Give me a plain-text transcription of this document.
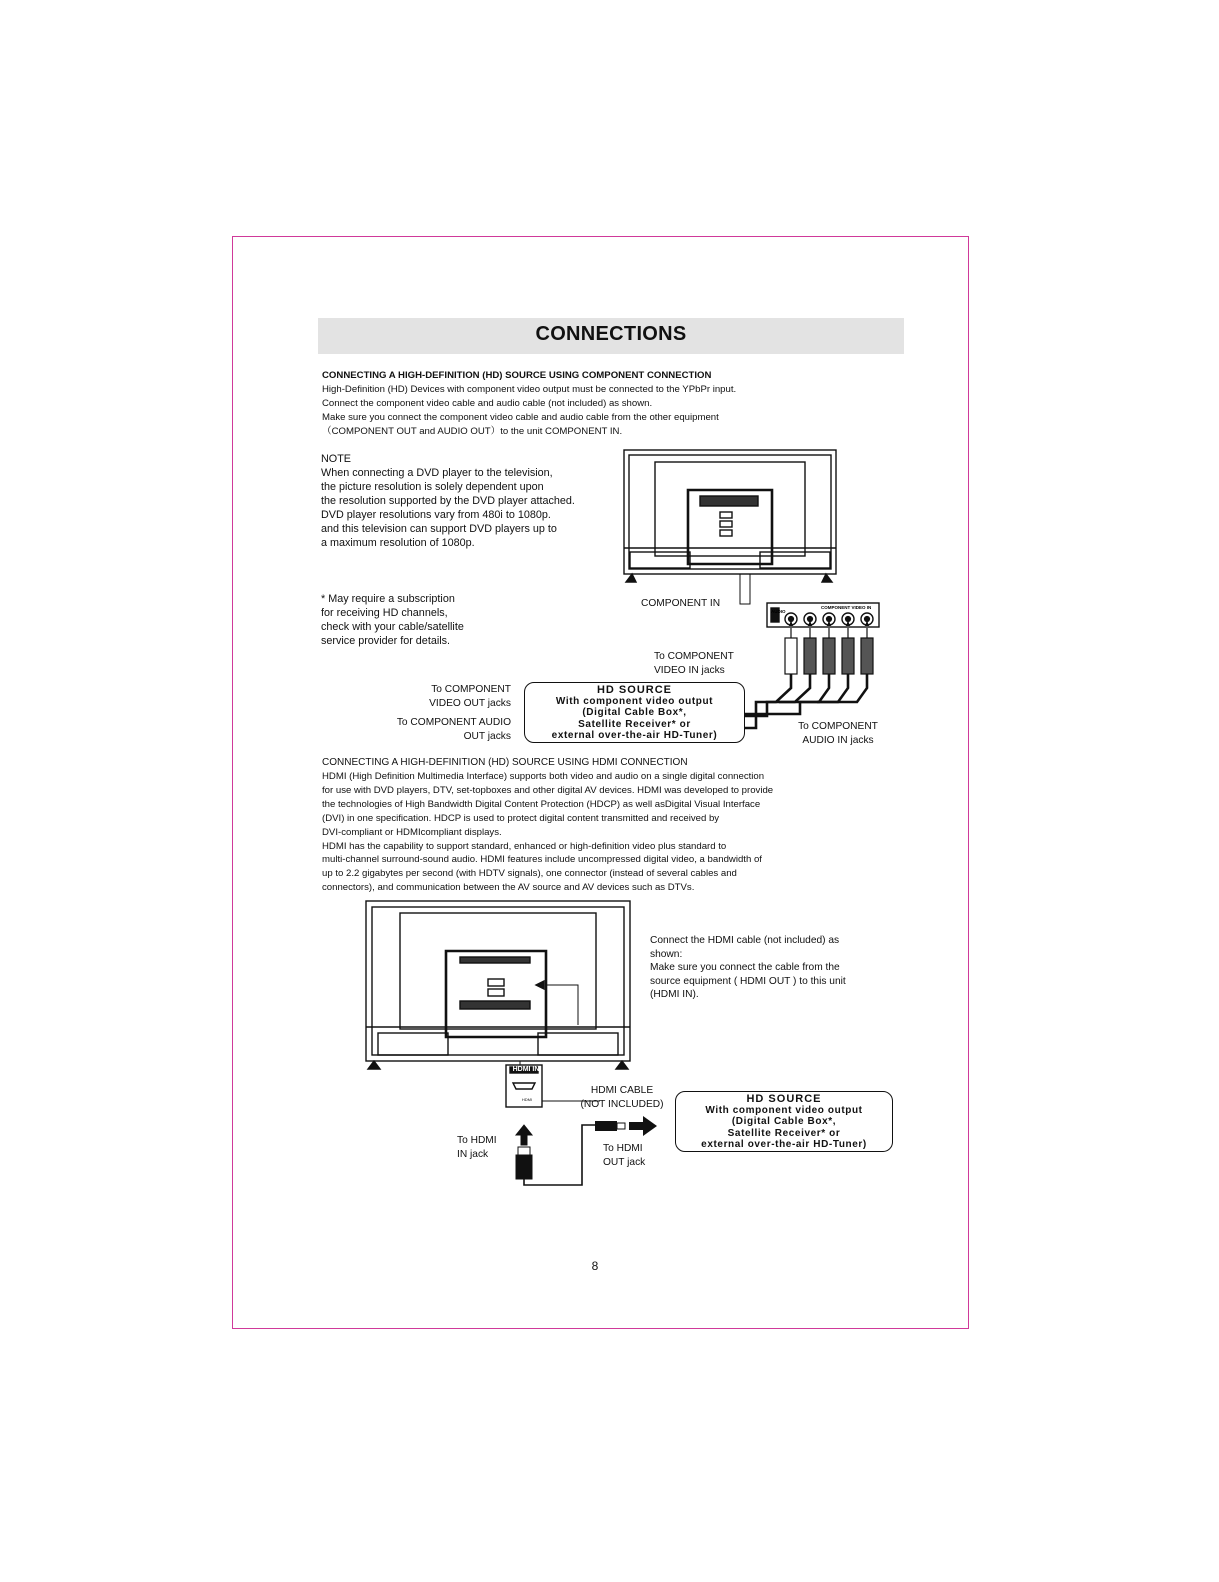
CONNECTIONS
CONNECTING A HIGH-DEFINITION (HD) SOURCE USING COMPONENT CONNECTION
High-Definition (HD) Devices with component video output must be connected to the YPbPr input.
Connect the component video cable and audio cable (not included) as shown.
Make sure you connect the component video cable and audio cable from the other equipment
（COMPONENT OUT and AUDIO OUT）to the unit COMPONENT IN.
NOTE
When connecting a DVD player to the television,
the picture resolution is solely dependent upon
the resolution supported by the DVD player attached.
DVD player resolutions vary from 480i to 1080p.
and this television can support DVD players up to
a maximum resolution of 1080p.
* May require a subscription
for receiving HD channels,
check with your cable/satellite
service provider for details.
AUDIO
COMPONENT VIDEO IN
COMPONENT IN
To COMPONENT
VIDEO IN jacks
To COMPONENT
VIDEO OUT jacks
To COMPONENT AUDIO
OUT jacks
To COMPONENT
AUDIO IN jacks
HD SOURCE
With component video output
(Digital Cable Box*,
Satellite Receiver* or
external over-the-air HD-Tuner)
CONNECTING A HIGH-DEFINITION (HD) SOURCE USING HDMI CONNECTION
HDMI (High Definition Multimedia Interface) supports both video and audio on a single digital connection
for use with DVD players, DTV, set-topboxes and other digital AV devices. HDMI was developed to provide
the technologies of High Bandwidth Digital Content Protection (HDCP) as well asDigital Visual Interface
(DVI) in one specification. HDCP is used to protect digital content transmitted and received by
DVI-compliant or HDMIcompliant displays.
HDMI has the capability to support standard, enhanced or high-definition video plus standard to
multi-channel surround-sound audio. HDMI features include uncompressed digital video, a bandwidth of
up to 2.2 gigabytes per second (with HDTV signals), one connector (instead of several cables and
connectors), and communication between the AV source and AV devices such as DTVs.
Connect the HDMI cable (not included) as
shown:
Make sure you connect the cable from the
source equipment ( HDMI OUT ) to this unit
(HDMI IN).
HDMI IN
HDMI
HDMI CABLE
(NOT INCLUDED)
To HDMI
IN jack	To HDMI
OUT jack
HD SOURCE
With component video output
(Digital Cable Box*,
Satellite Receiver* or
external over-the-air HD-Tuner)
8
